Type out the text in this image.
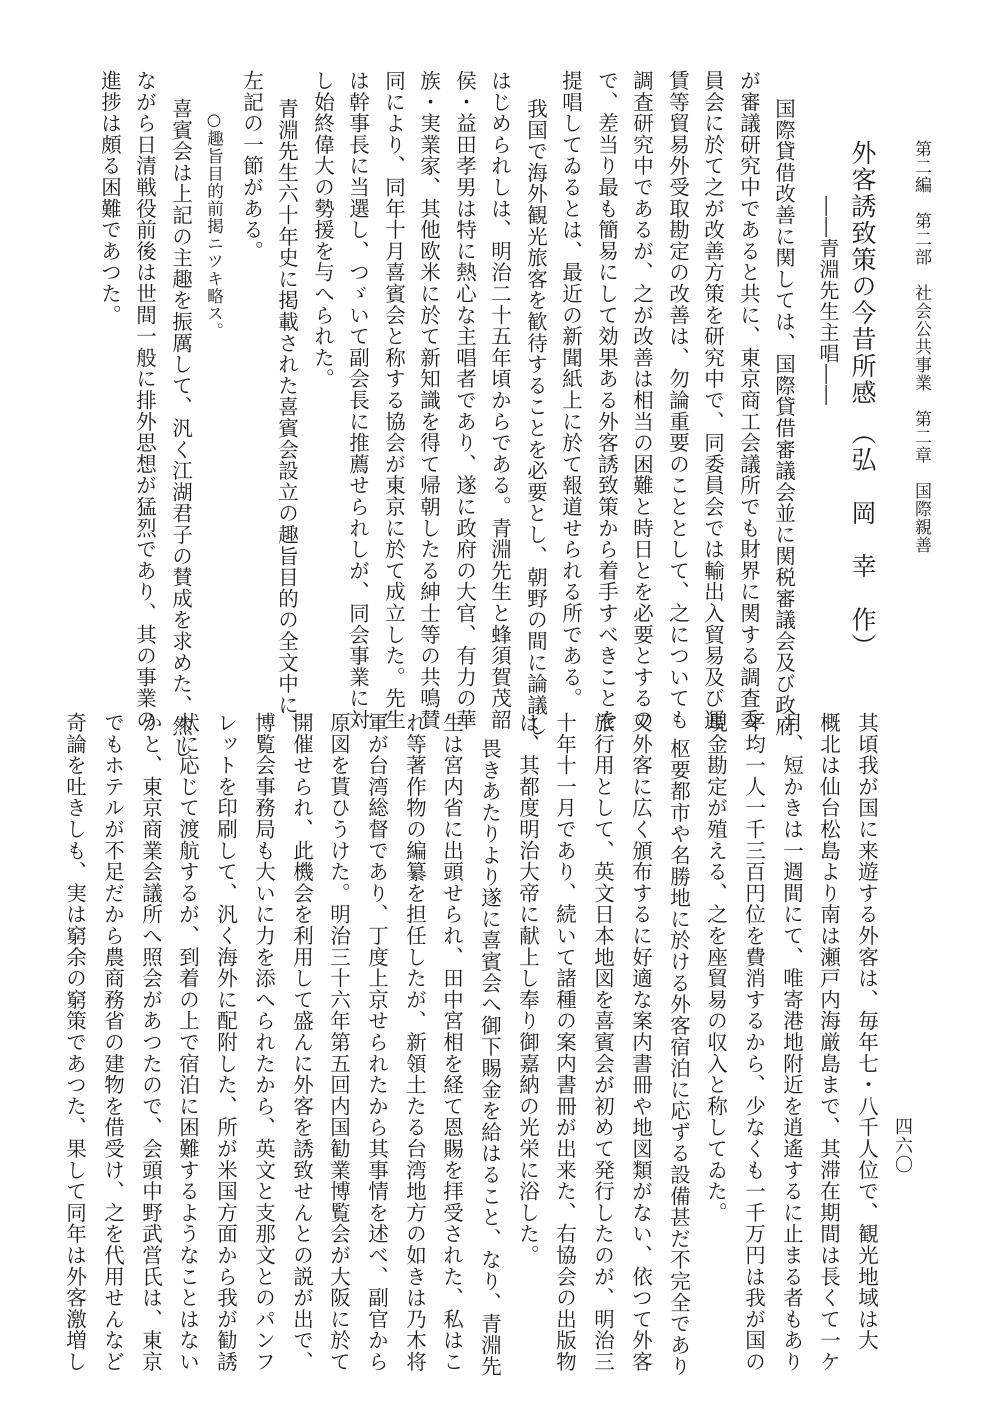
第二編　第二部　社会公共事業　第二章　国際親善
四六〇
外客誘致策の今昔所感　（弘　岡　幸　作）
――青淵先生主唱――
国際貸借改善に関しては、国際貸借審議会並に関税審議会及び政府
が審議研究中であると共に、東京商工会議所でも財界に関する調査委
員会に於て之が改善方策を研究中で、同委員会では輸出入貿易及び運
賃等貿易外受取勘定の改善は、勿論重要のこととして、之についても
調査研究中であるが、之が改善は相当の困難と時日とを必要とするの
で、差当り最も簡易にして効果ある外客誘致策から着手すべきことを
提唱してゐるとは、最近の新聞紙上に於て報道せられる所である。
我国で海外観光旅客を歓待することを必要とし、朝野の間に論議し
はじめられしは、明治二十五年頃からである。青淵先生と蜂須賀茂韶
侯・益田孝男は特に熱心な主唱者であり、遂に政府の大官、有力の華
族・実業家、其他欧米に於て新知識を得て帰朝したる紳士等の共鳴賛
同により、同年十月喜賓会と称する協会が東京に於て成立した。先生
は幹事長に当選し、つゞいて副会長に推薦せられしが、同会事業に対
し始終偉大の勢援を与へられた。
青淵先生六十年史に掲載された喜賓会設立の趣旨目的の全文中に、
左記の一節がある。
○趣旨目的前掲ニツキ略ス。
喜賓会は上記の主趣を振厲して、汎く江湖君子の賛成を求めた、然し
ながら日清戦役前後は世間一般に排外思想が猛烈であり、其の事業の
進捗は頗る困難であつた。
其頃我が国に来遊する外客は、毎年七・八千人位で、観光地域は大
概北は仙台松島より南は瀬戸内海厳島まで、其滞在期間は長くて一ケ
月、短かきは一週間にて、唯寄港地附近を逍遙するに止まる者もあり
平均一人一千三百円位を費消するから、少なくも一千万円は我が国の
現金勘定が殖える、之を座貿易の収入と称してゐた。
枢要都市や名勝地に於ける外客宿泊に応ずる設備甚だ不完全であり
又外客に広く頒布するに好適な案内書冊や地図類がない、依つて外客
旅行用として、英文日本地図を喜賓会が初めて発行したのが、明治三
十年十一月であり、続いて諸種の案内書冊が出来た、右協会の出版物
は、其都度明治大帝に献上し奉り御嘉納の光栄に浴した。
畏きあたりより遂に喜賓会へ御下賜金を給はること、なり、青淵先
生は宮内省に出頭せられ、田中宮相を経て恩賜を拝受された、私はこ
れ等著作物の編纂を担任したが、新領土たる台湾地方の如きは乃木将
軍が台湾総督であり、丁度上京せられたから其事情を述べ、副官から
原図を貰ひうけた。明治三十六年第五回内国勧業博覧会が大阪に於て
開催せられ、此機会を利用して盛んに外客を誘致せんとの説が出で、
博覧会事務局も大いに力を添へられたから、英文と支那文とのパンフ
レットを印刷して、汎く海外に配附した、所が米国方面から我が勧誘
状に応じて渡航するが、到着の上で宿泊に困難するようなことはない
かと、東京商業会議所へ照会があつたので、会頭中野武営氏は、東京
でもホテルが不足だから農商務省の建物を借受け、之を代用せんなど
奇論を吐きしも、実は窮余の窮策であつた、果して同年は外客激増し
